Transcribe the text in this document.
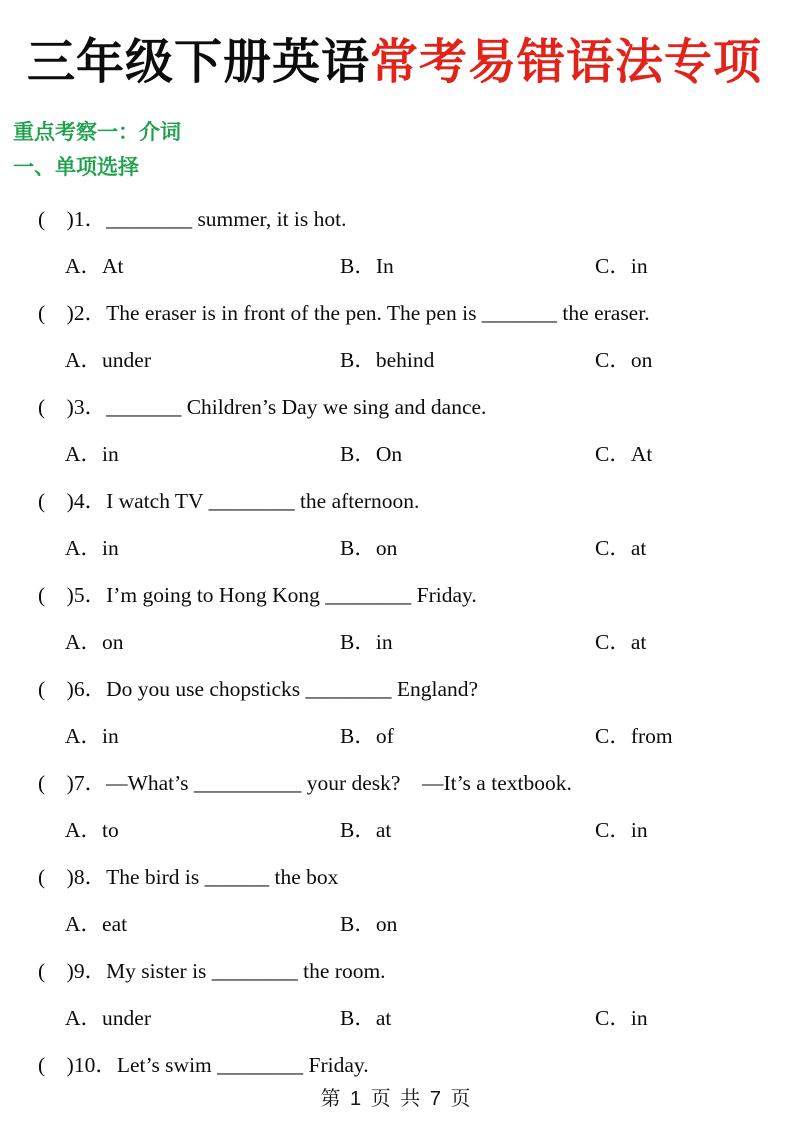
三年级下册英语常考易错语法专项
重点考察一：介词
一、单项选择
(    )1．________ summer, it is hot.
A．At	B．In	C．in
(    )2．The eraser is in front of the pen. The pen is _______ the eraser.
A．under	B．behind	C．on
(    )3．_______ Children’s Day we sing and dance.
A．in	B．On	C．At
(    )4．I watch TV ________ the afternoon.
A．in	B．on	C．at
(    )5．I’m going to Hong Kong ________ Friday.
A．on	B．in	C．at
(    )6．Do you use chopsticks ________ England?
A．in	B．of	C．from
(    )7．—What’s __________ your desk?    —It’s a textbook.
A．to	B．at	C．in
(    )8．The bird is ______ the box
A．eat	B．on
(    )9．My sister is ________ the room.
A．under	B．at	C．in
(    )10．Let’s swim ________ Friday.
第 1 页 共 7 页
